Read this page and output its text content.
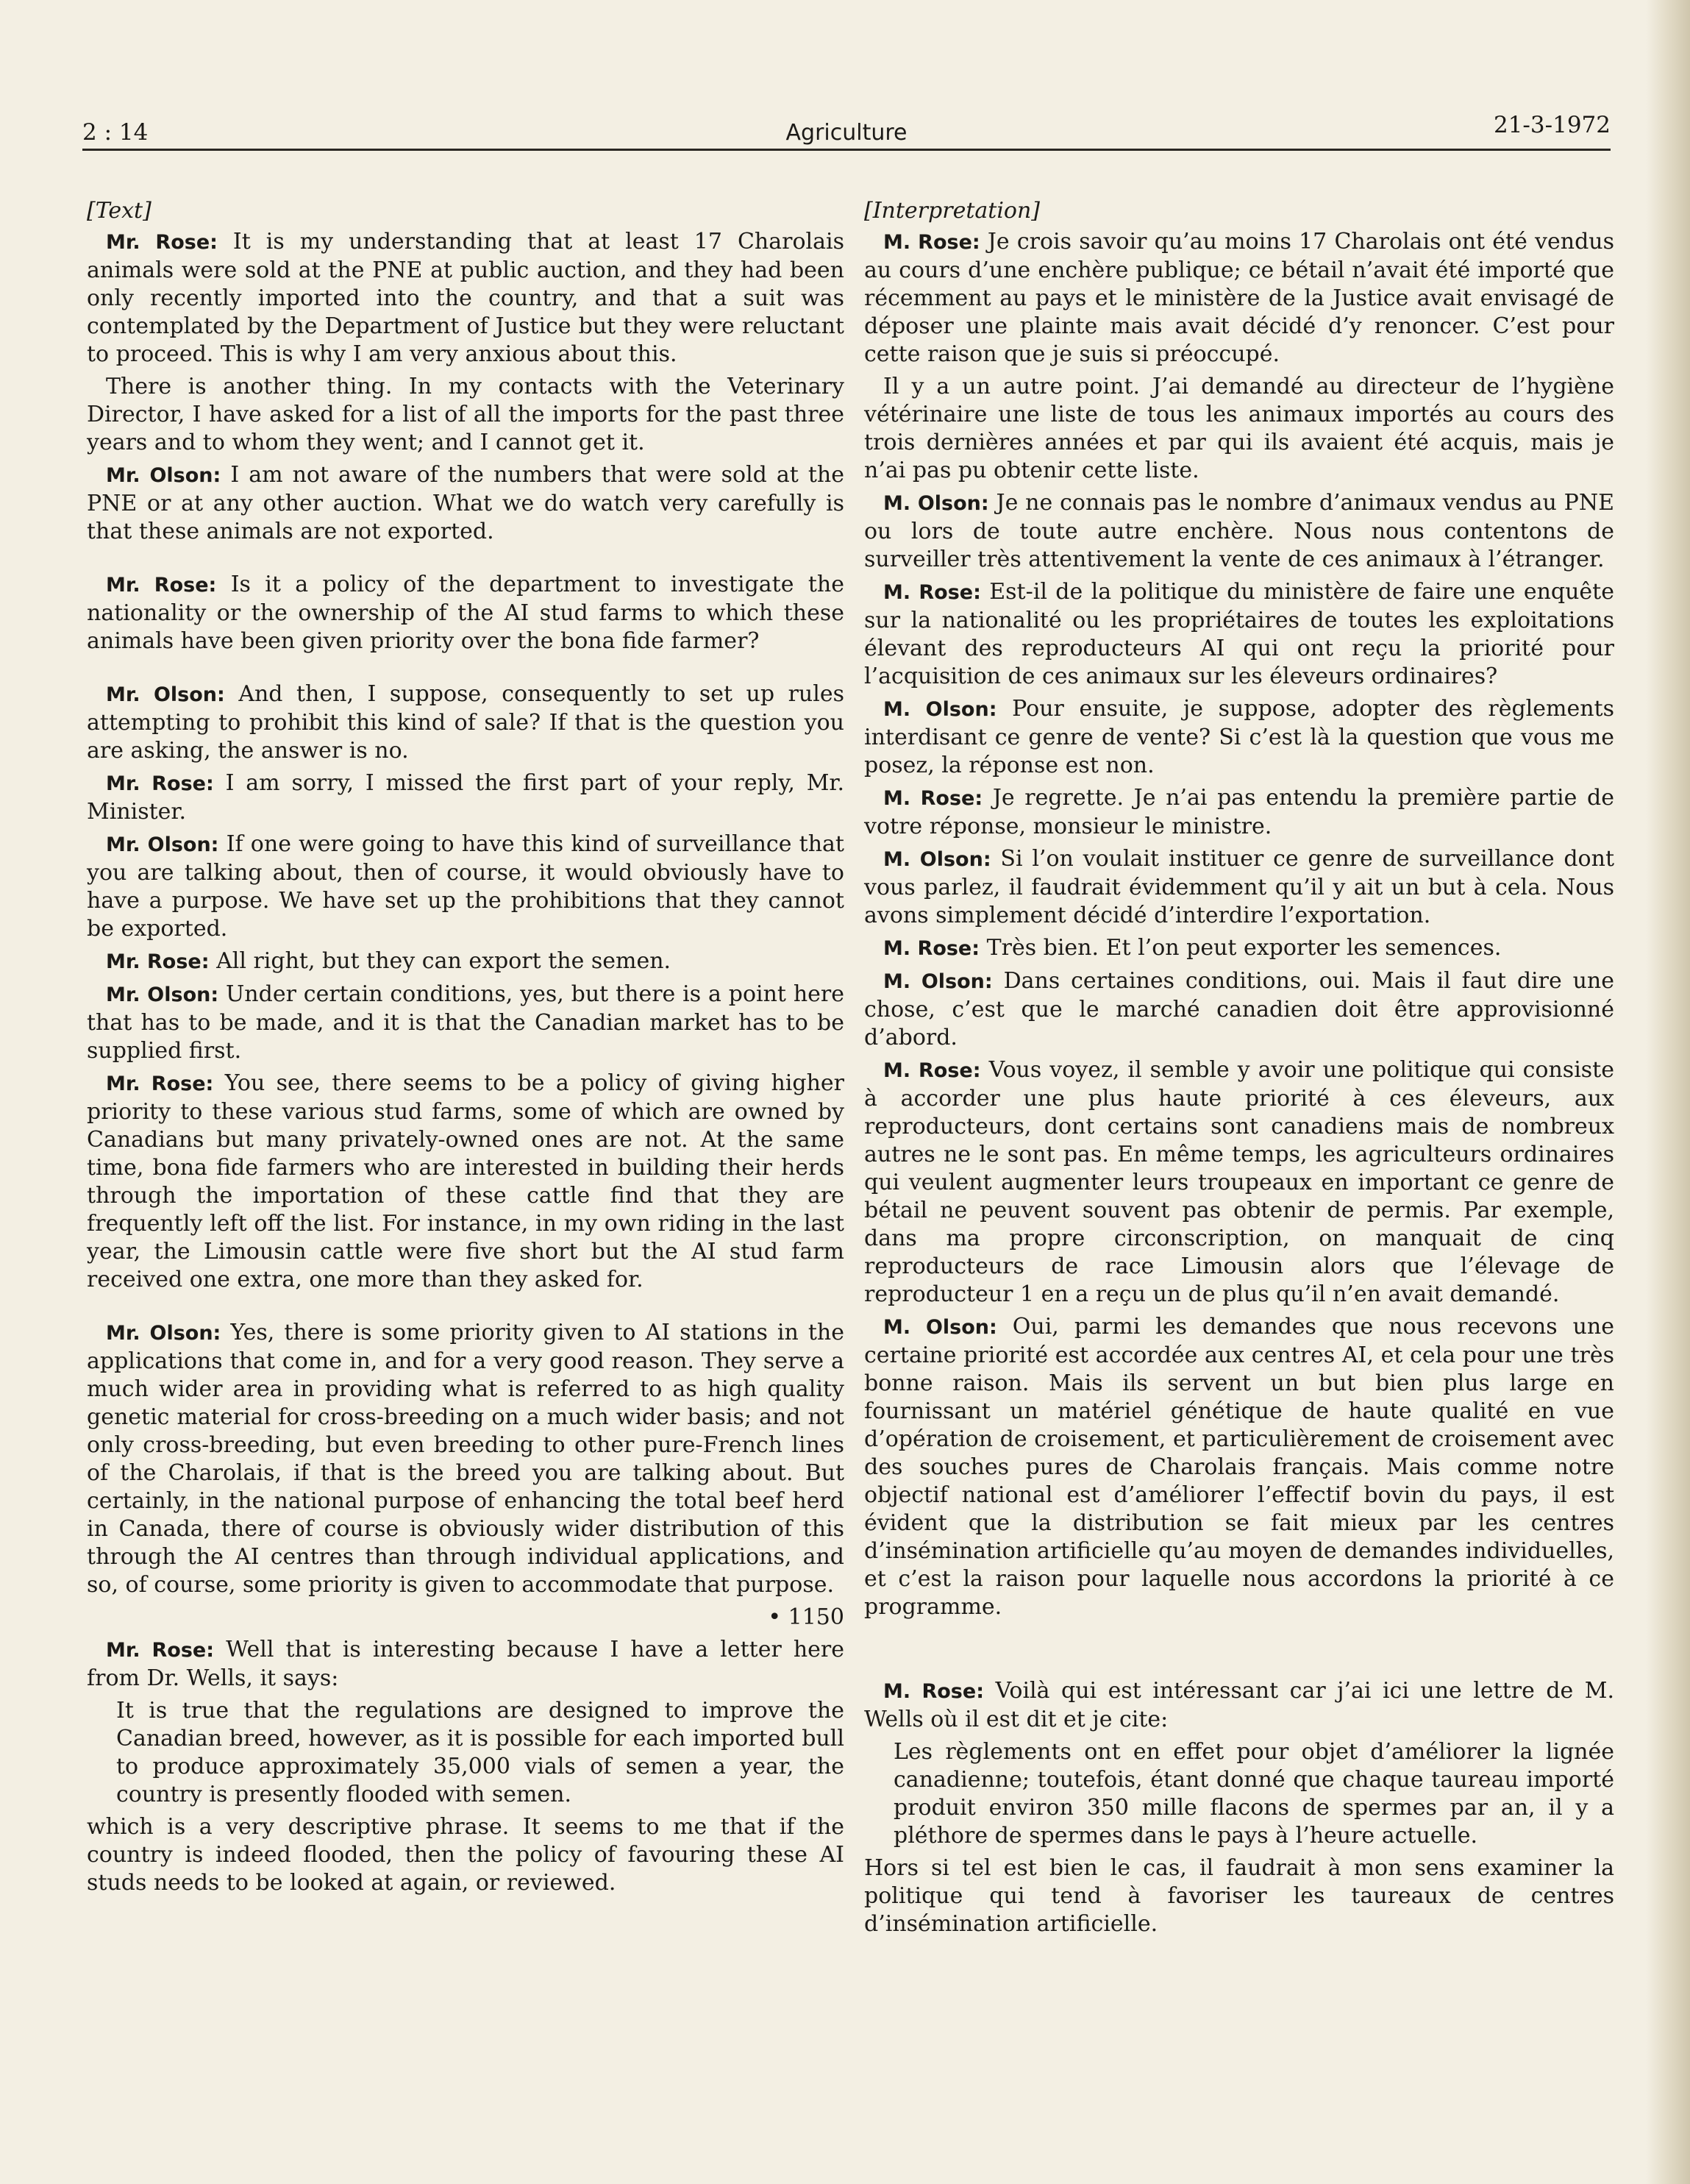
2 : 14	Agriculture	21-3-1972
[Text]

Mr. Rose: It is my understanding that at least 17 Charolais animals were sold at the PNE at public auction, and they had been only recently imported into the country, and that a suit was contemplated by the Department of Justice but they were reluctant to proceed. This is why I am very anxious about this.

There is another thing. In my contacts with the Veterinary Director, I have asked for a list of all the imports for the past three years and to whom they went; and I cannot get it.

Mr. Olson: I am not aware of the numbers that were sold at the PNE or at any other auction. What we do watch very carefully is that these animals are not exported.

Mr. Rose: Is it a policy of the department to investigate the nationality or the ownership of the AI stud farms to which these animals have been given priority over the bona fide farmer?

Mr. Olson: And then, I suppose, consequently to set up rules attempting to prohibit this kind of sale? If that is the question you are asking, the answer is no.

Mr. Rose: I am sorry, I missed the first part of your reply, Mr. Minister.

Mr. Olson: If one were going to have this kind of surveillance that you are talking about, then of course, it would obviously have to have a purpose. We have set up the prohibitions that they cannot be exported.

Mr. Rose: All right, but they can export the semen.

Mr. Olson: Under certain conditions, yes, but there is a point here that has to be made, and it is that the Canadian market has to be supplied first.

Mr. Rose: You see, there seems to be a policy of giving higher priority to these various stud farms, some of which are owned by Canadians but many privately-owned ones are not. At the same time, bona fide farmers who are interested in building their herds through the importation of these cattle find that they are frequently left off the list. For instance, in my own riding in the last year, the Limousin cattle were five short but the AI stud farm received one extra, one more than they asked for.

Mr. Olson: Yes, there is some priority given to AI stations in the applications that come in, and for a very good reason. They serve a much wider area in providing what is referred to as high quality genetic material for cross-breeding on a much wider basis; and not only cross-breeding, but even breeding to other pure-French lines of the Charolais, if that is the breed you are talking about. But certainly, in the national purpose of enhancing the total beef herd in Canada, there of course is obviously wider distribution of this through the AI centres than through individual applications, and so, of course, some priority is given to accommodate that purpose.

• 1150

Mr. Rose: Well that is interesting because I have a letter here from Dr. Wells, it says:

It is true that the regulations are designed to improve the Canadian breed, however, as it is possible for each imported bull to produce approximately 35,000 vials of semen a year, the country is presently flooded with semen.

which is a very descriptive phrase. It seems to me that if the country is indeed flooded, then the policy of favouring these AI studs needs to be looked at again, or reviewed.

[Interpretation]

M. Rose: Je crois savoir qu’au moins 17 Charolais ont été vendus au cours d’une enchère publique; ce bétail n’avait été importé que récemment au pays et le ministère de la Justice avait envisagé de déposer une plainte mais avait décidé d’y renoncer. C’est pour cette raison que je suis si préoccupé.

Il y a un autre point. J’ai demandé au directeur de l’hygiène vétérinaire une liste de tous les animaux importés au cours des trois dernières années et par qui ils avaient été acquis, mais je n’ai pas pu obtenir cette liste.

M. Olson: Je ne connais pas le nombre d’animaux vendus au PNE ou lors de toute autre enchère. Nous nous contentons de surveiller très attentivement la vente de ces animaux à l’étranger.

M. Rose: Est-il de la politique du ministère de faire une enquête sur la nationalité ou les propriétaires de toutes les exploitations élevant des reproducteurs AI qui ont reçu la priorité pour l’acquisition de ces animaux sur les éleveurs ordinaires?

M. Olson: Pour ensuite, je suppose, adopter des règlements interdisant ce genre de vente? Si c’est là la question que vous me posez, la réponse est non.

M. Rose: Je regrette. Je n’ai pas entendu la première partie de votre réponse, monsieur le ministre.

M. Olson: Si l’on voulait instituer ce genre de surveillance dont vous parlez, il faudrait évidemment qu’il y ait un but à cela. Nous avons simplement décidé d’interdire l’exportation.

M. Rose: Très bien. Et l’on peut exporter les semences.

M. Olson: Dans certaines conditions, oui. Mais il faut dire une chose, c’est que le marché canadien doit être approvisionné d’abord.

M. Rose: Vous voyez, il semble y avoir une politique qui consiste à accorder une plus haute priorité à ces éleveurs, aux reproducteurs, dont certains sont canadiens mais de nombreux autres ne le sont pas. En même temps, les agriculteurs ordinaires qui veulent augmenter leurs troupeaux en important ce genre de bétail ne peuvent souvent pas obtenir de permis. Par exemple, dans ma propre circonscription, on manquait de cinq reproducteurs de race Limousin alors que l’élevage de reproducteur 1 en a reçu un de plus qu’il n’en avait demandé.

M. Olson: Oui, parmi les demandes que nous recevons une certaine priorité est accordée aux centres AI, et cela pour une très bonne raison. Mais ils servent un but bien plus large en fournissant un matériel génétique de haute qualité en vue d’opération de croisement, et particulièrement de croisement avec des souches pures de Charolais français. Mais comme notre objectif national est d’améliorer l’effectif bovin du pays, il est évident que la distribution se fait mieux par les centres d’insémination artificielle qu’au moyen de demandes individuelles, et c’est la raison pour laquelle nous accordons la priorité à ce programme.

M. Rose: Voilà qui est intéressant car j’ai ici une lettre de M. Wells où il est dit et je cite:

Les règlements ont en effet pour objet d’améliorer la lignée canadienne; toutefois, étant donné que chaque taureau importé produit environ 350 mille flacons de spermes par an, il y a pléthore de spermes dans le pays à l’heure actuelle.

Hors si tel est bien le cas, il faudrait à mon sens examiner la politique qui tend à favoriser les taureaux de centres d’insémination artificielle.
